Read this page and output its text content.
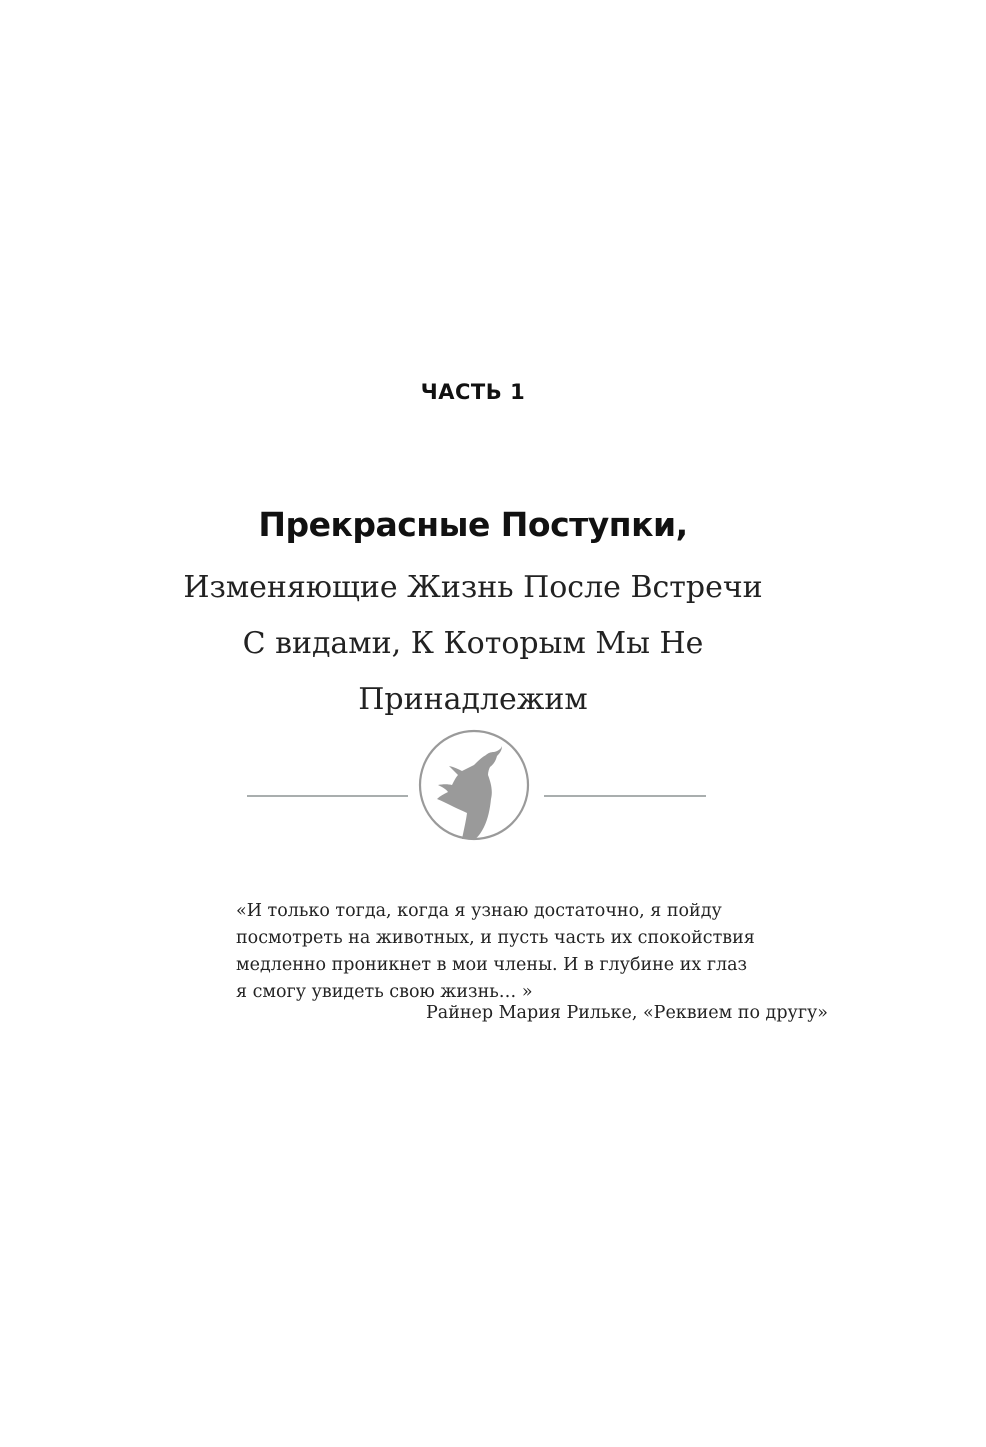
ЧАСТЬ 1
Прекрасные Поступки,
Изменяющие Жизнь После Встречи
С видами, К Которым Мы Не
Принадлежим
«И только тогда, когда я узнаю достаточно, я пойду
посмотреть на животных, и пусть часть их спокойствия
медленно проникнет в мои члены. И в глубине их глаз
я смогу увидеть свою жизнь… »
Райнер Мария Рильке, «Реквием по другу»
